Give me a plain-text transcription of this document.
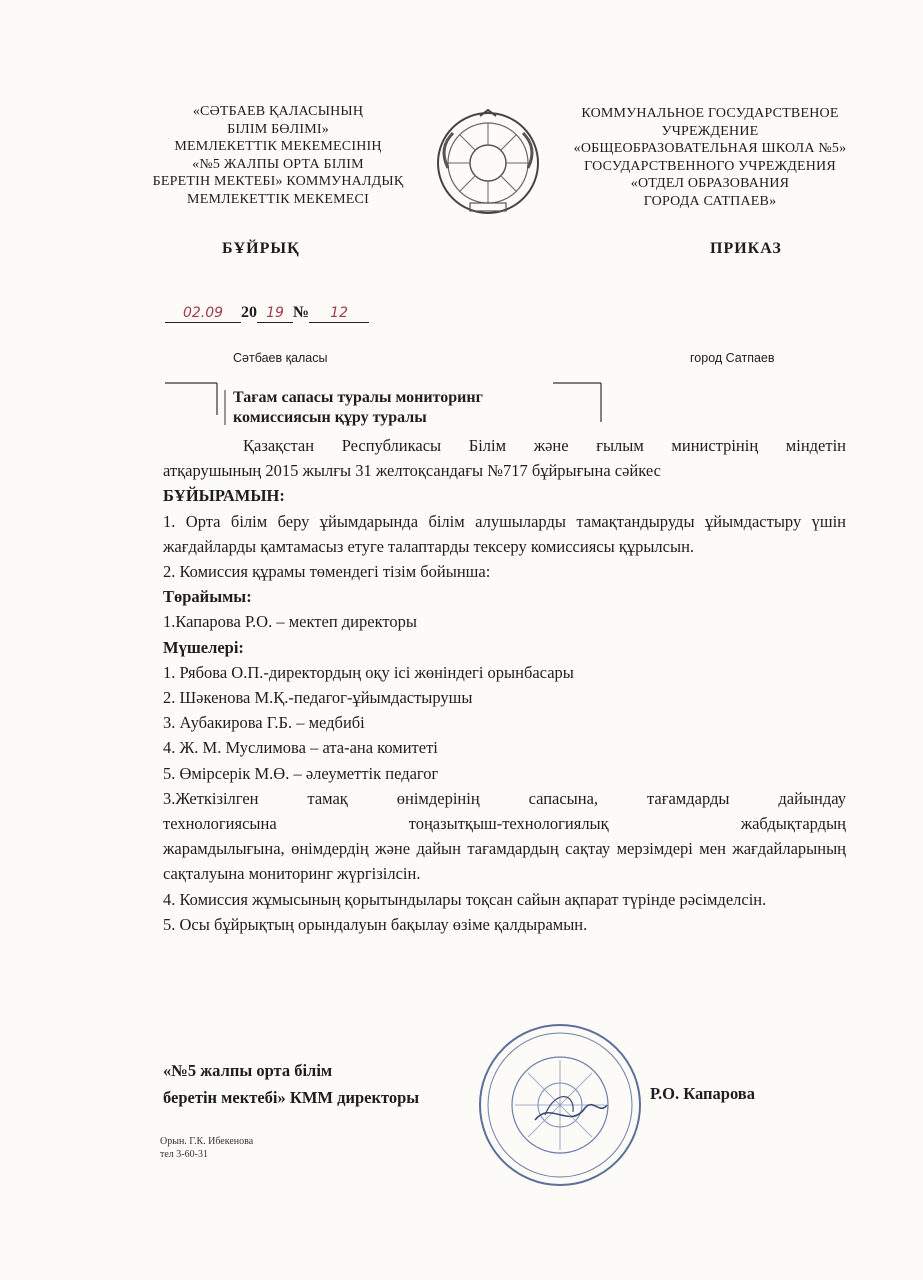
«СӘТБАЕВ ҚАЛАСЫНЫҢ
БІЛІМ БӨЛІМІ»
МЕМЛЕКЕТТІК МЕКЕМЕСІНІҢ
«№5 ЖАЛПЫ ОРТА БІЛІМ
БЕРЕТІН МЕКТЕБІ» КОММУНАЛДЫҚ
МЕМЛЕКЕТТІК МЕКЕМЕСІ
КОММУНАЛЬНОЕ ГОСУДАРСТВЕНОЕ
УЧРЕЖДЕНИЕ
«ОБЩЕОБРАЗОВАТЕЛЬНАЯ ШКОЛА №5»
ГОСУДАРСТВЕННОГО УЧРЕЖДЕНИЯ
«ОТДЕЛ ОБРАЗОВАНИЯ
ГОРОДА САТПАЕВ»
БҰЙРЫҚ	ПРИКАЗ
02.09 20 19 № 12
Сәтбаев қаласы	город Сатпаев
Тағам сапасы туралы мониторинг
комиссиясын құру туралы

Қазақстан Республикасы Білім және ғылым министрінің міндетін

атқарушының 2015 жылғы 31 желтоқсандағы №717 бұйрығына сәйкес

БҰЙЫРАМЫН:

1. Орта білім беру ұйымдарында білім алушыларды тамақтандыруды ұйымдастыру үшін жағдайларды қамтамасыз етуге талаптарды тексеру комиссиясы құрылсын.

2. Комиссия құрамы төмендегі тізім бойынша:

Төрайымы:

1.Капарова Р.О. – мектеп директоры

Мүшелері:

1. Рябова О.П.-директордың оқу ісі жөніндегі орынбасары

2. Шәкенова М.Қ.-педагог-ұйымдастырушы

3. Аубакирова Г.Б. – медбибі

4. Ж. М. Муслимова – ата-ана комитеті

5. Өмірсерік М.Ө. – әлеуметтік педагог

3.Жеткізілген тамақ өнімдерінің сапасына, тағамдарды дайындау

технологиясына тоңазытқыш-технологиялық жабдықтардың

жарамдылығына, өнімдердің және дайын тағамдардың сақтау мерзімдері мен жағдайларының сақталуына мониторинг жүргізілсін.

4. Комиссия жұмысының қорытындылары тоқсан сайын ақпарат түрінде рәсімделсін.

5. Осы бұйрықтың орындалуын бақылау өзіме қалдырамын.

«№5 жалпы орта білім
беретін мектебі» КММ директоры	Р.О. Капарова
Орын. Г.К. Ибекенова
тел 3-60-31
